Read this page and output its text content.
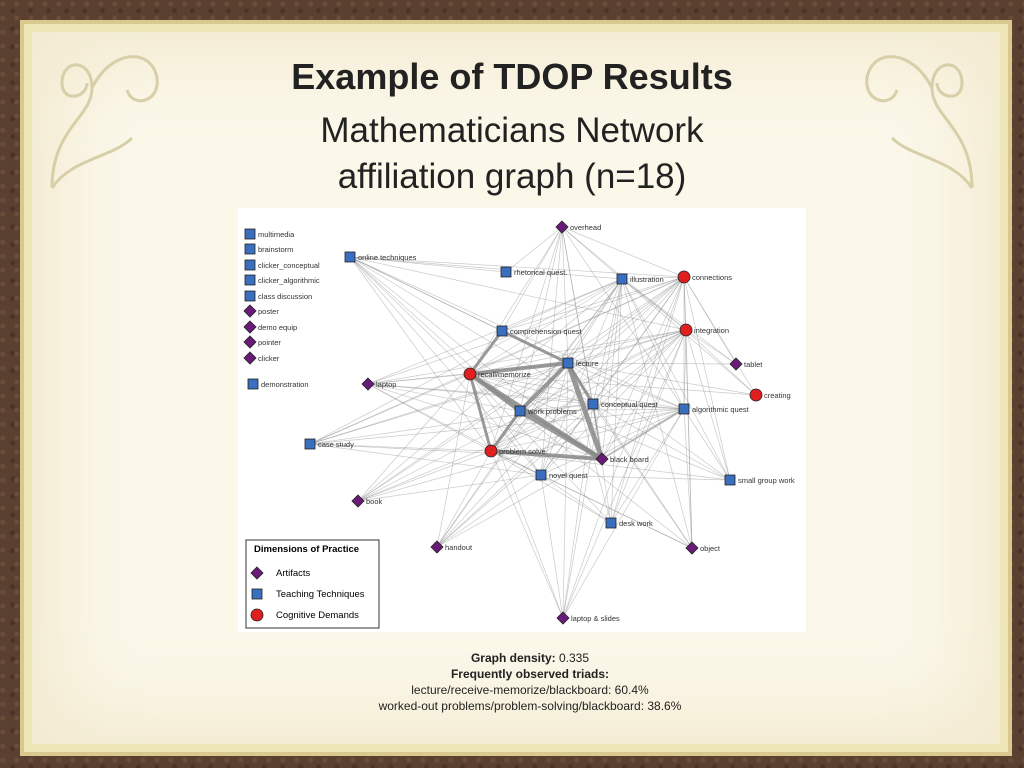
Example of TDOP Results
Mathematicians Network
affiliation graph (n=18)
multimedia
brainstorm
clicker_conceptual
clicker_algorithmic
class discussion
poster
demo equip
pointer
clicker
demonstration
online techniques
overhead
rhetorical quest.
illustration	connections
comprehension quest	integration
lecture	tablet
laptop
recall/memorize
creating
conceptual quest
algorithmic quest
work problems
case study
problem solve
black board
novel quest
small group work
book
desk work
handout	object
laptop & slides
Dimensions of Practice
Artifacts
Teaching Techniques
Cognitive Demands
Graph density: 0.335
Frequently observed triads:
lecture/receive-memorize/blackboard: 60.4%
worked-out problems/problem-solving/blackboard: 38.6%
